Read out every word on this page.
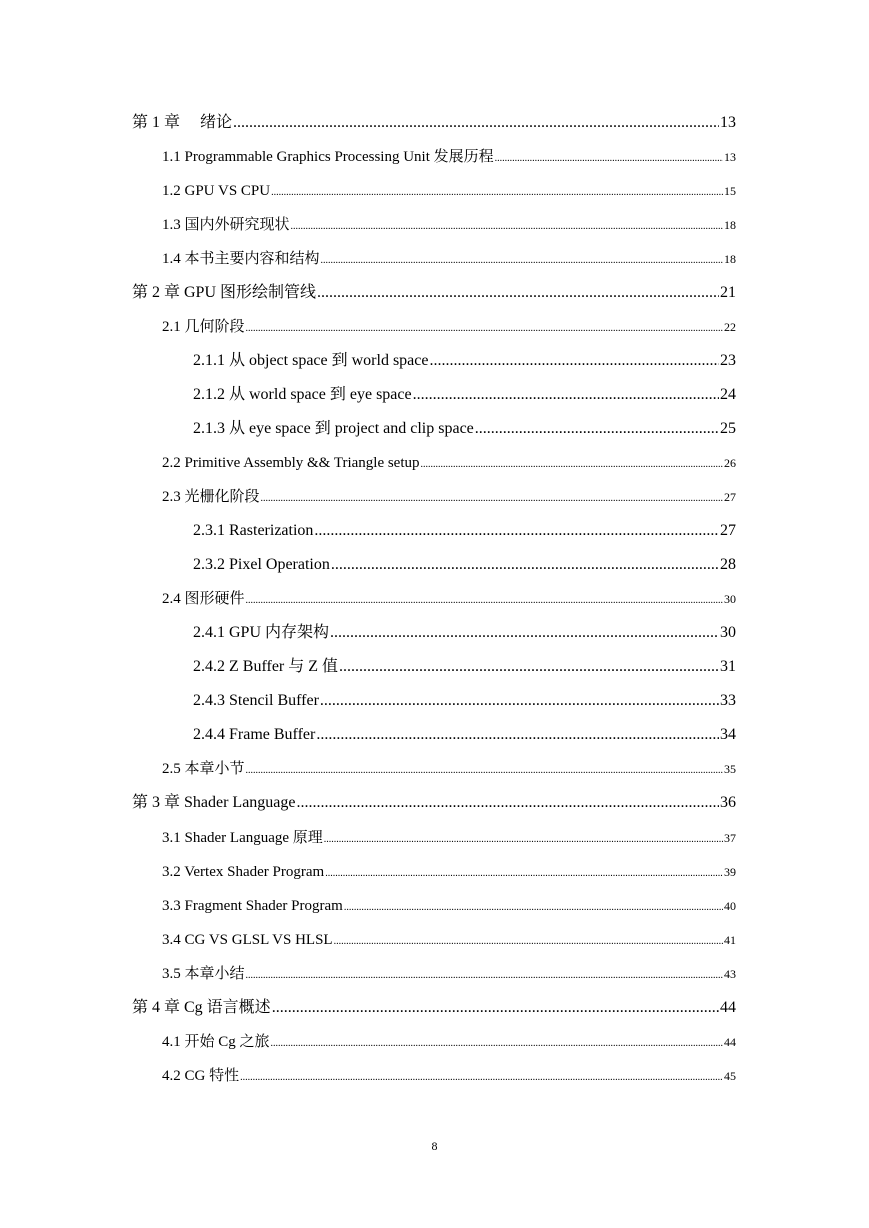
第 1 章　 绪论 .....	13
1.1 Programmable Graphics Processing Unit 发展历程 .....	13
1.2 GPU VS CPU .....	15
1.3 国内外研究现状 .....	18
1.4 本书主要内容和结构 .....	18
第 2 章 GPU 图形绘制管线 .....	21
2.1 几何阶段 .....	22
2.1.1 从 object space 到 world space .....	23
2.1.2 从 world space 到 eye space .....	24
2.1.3 从 eye space 到 project and clip space .....	25
2.2 Primitive Assembly && Triangle setup .....	26
2.3 光栅化阶段 .....	27
2.3.1 Rasterization .....	27
2.3.2 Pixel Operation .....	28
2.4 图形硬件 .....	30
2.4.1 GPU 内存架构 .....	30
2.4.2 Z Buffer 与 Z 值 .....	31
2.4.3 Stencil Buffer .....	33
2.4.4 Frame Buffer .....	34
2.5 本章小节 .....	35
第 3 章 Shader Language .....	36
3.1 Shader Language 原理 .....	37
3.2 Vertex Shader Program .....	39
3.3 Fragment Shader Program .....	40
3.4 CG VS GLSL VS HLSL .....	41
3.5 本章小结 .....	43
第 4 章 Cg 语言概述 .....	44
4.1 开始 Cg 之旅 .....	44
4.2 CG 特性 .....	45
8
